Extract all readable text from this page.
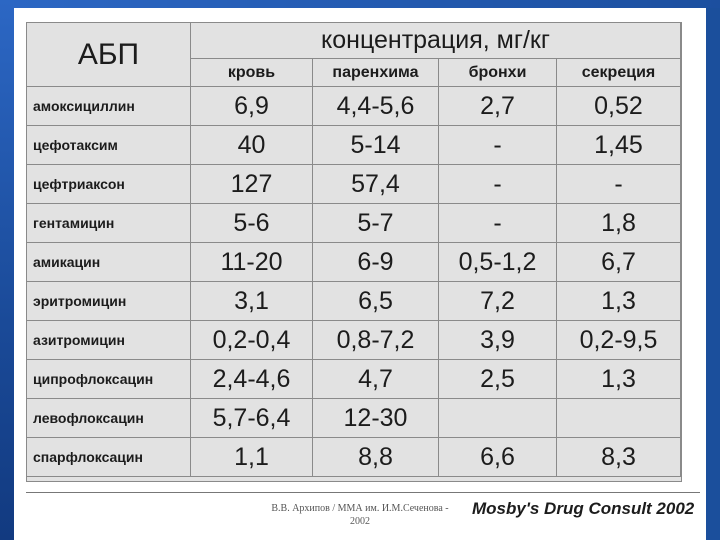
АБП	концентрация, мг/кг
кровь	паренхима	бронхи	секреция
амоксициллин	6,9	4,4-5,6	2,7	0,52
цефотаксим	40	5-14	-	1,45
цефтриаксон	127	57,4	-	-
гентамицин	5-6	5-7	-	1,8
амикацин	11-20	6-9	0,5-1,2	6,7
эритромицин	3,1	6,5	7,2	1,3
азитромицин	0,2-0,4	0,8-7,2	3,9	0,2-9,5
ципрофлоксацин	2,4-4,6	4,7	2,5	1,3
левофлоксацин	5,7-6,4	12-30
спарфлоксацин	1,1	8,8	6,6	8,3
В.В. Архипов / ММА им. И.М.Сеченова -
2002
Mosby's Drug Consult 2002
